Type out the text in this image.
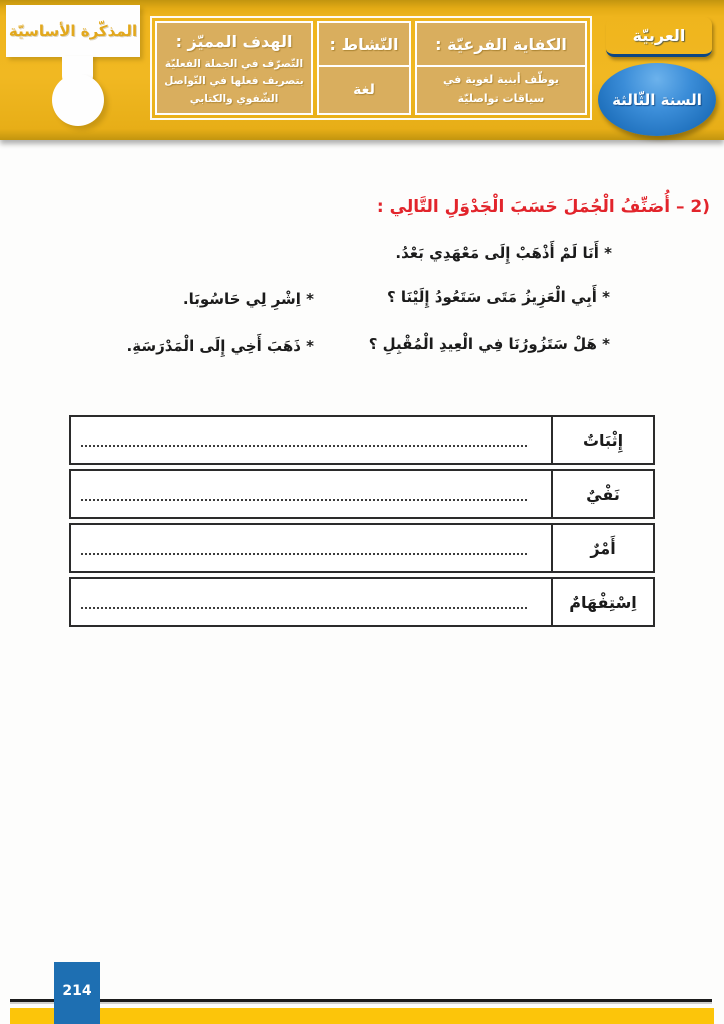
المذكّرة الأساسيّة
الكفاية الفرعيّة :
يوظّف أبنية لغوية في سياقات تواصليّة
النّشاط :
لغة
الهدف المميّز :
التّصرّف في الجملة الفعليّة بتصريف فعلها في التّواصل الشّفوي والكتابي
العربيّة
السنة الثّالثة
2) – أُصَنِّفُ الْجُمَلَ حَسَبَ الْجَدْوَلِ التَّالِي :
* أَنَا لَمْ أَذْهَبْ إِلَى مَعْهَدِي بَعْدُ.
* أَبِي الْعَزِيزُ مَتَى سَتَعُودُ إِلَيْنَا ؟
* اِشْرِ لِي حَاسُوبَا.
* هَلْ سَتَزُورُنَا فِي الْعِيدِ الْمُقْبِلِ ؟
* ذَهَبَ أَخِي إِلَى الْمَدْرَسَةِ.
إِثْبَاتٌ
نَفْيٌ
أَمْرٌ
اِسْتِفْهَامٌ
214
